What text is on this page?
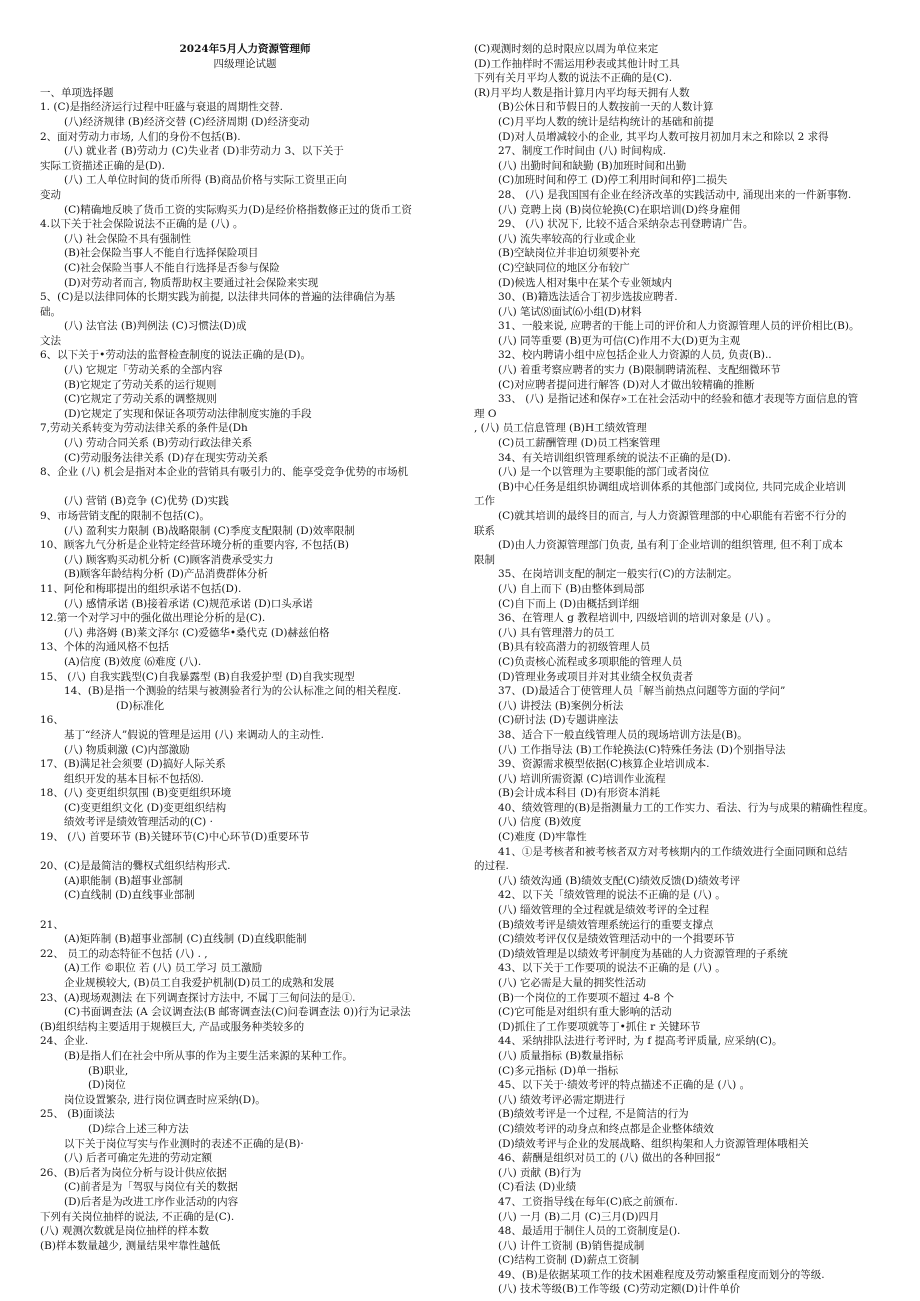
2024年5月人力资源管理师
四级理论试题

一、单项选择题
1. (C)是指经济运行过程中旺盛与衰退的周期性交替.
(八)经济规律 (B)经济交替 (C)经济周期 (D)经济变动
2、面对劳动力市场, 人们的身份不包括(B).
(八) 就业者 (B)劳动力 (C)失业者 (D)非劳动力 3、以下关于
实际工资描述正确的是(D).
(八) 工人单位时间的货币所得 (B)商品价格与实际工资里正向
变动
(C)精确地反映了货币工资的实际购买力(D)是经价格指数修正过的货币工资
4.以下关于社会保险说法不正确的是 (八) 。
(八) 社会保险不具有强制性
(B)社会保险当事人不能自行选择保险项目
(C)社会保险当事人不能自行选择是否参与保险
(D)对劳动者而言, 物质帮助权主要通过社会保险来实现
5、(C)是以法律同体的长期实践为前提, 以法律共同体的普遍的法律确信为基
础。
(八) 法官法 (B)判例法 (C)习惯法(D)成
文法
6、以下关于•劳动法的监督检查制度的说法正确的是(D)。
(八) 它规定「劳动关系的全部内容
(B)它规定了劳动关系的运行规则
(C)它规定了劳动关系的调整规则
(D)它规定了实现和保证各项劳动法律制度实施的手段
7,劳动关系转变为劳动法律关系的条件是(Dh
(八) 劳动合同关系 (B)劳动行政法律关系
(C)劳动服务法律关系 (D)存在现实劳动关系
8、企业 (八) 机会是指对本企业的营销具有吸引力的、能享受竞争优势的市场机

(八) 营销 (B)竞争 (C)优势 (D)实践
9、市场营销支配的限制不包括(C)。
(八) 盈利实力限制 (B)战略限制 (C)季度支配限制 (D)效率限制
10、顾客九气分析是企业特定经营环境分析的重要内容, 不包括(B)
(八) 顾客购买动机分析 (C)顾客消费承受实力
(B)顾客年龄结构分析 (D)产品消费群体分析
11、阿伦和梅耶提出的组织承诺不包括(D).
(八) 感情承诺 (B)接着承诺 (C)规范承诺 (D)口头承诺
12.第一个对学习中的强化做出理论分析的是(C).
(八) 弗洛姆 (B)莱文泽尔 (C)爱德华•桑代克 (D)赫兹伯格
13、个体的沟通风格不包括
(A)信度 (B)效度 ⑹难度 (八).
15、 (八) 自我实践型(C)自我暴露型 (B)自我爱护型 (D)自我实现型
14、(B)是指一个测验的结果与被测验者行为的公认标准之间的相关程度.
(D)标准化
16、
基丁“经济人”假说的管理是运用 (八) 来调动人的主动性.
(八) 物质刺激 (C)内部激励
17、(B)满足社会须要 (D)搞好人际关系
组织开发的基本目标不包括⑻.
18、(八) 变更组织氛围 (B)变更组织环境
(C)变更组织文化 (D)变更组织结构
绩效考评是绩效管理活动的(C) ·
19、 (八) 首要环节 (B)关键环节(C)中心环节(D)重要环节

20、(C)是最简洁的爨权式组织结构形式.
(A)职能制 (B)超事业部制
(C)直线制 (D)直线事业部制

21、
(A)矩阵制 (B)超事业部制 (C)直线制 (D)直线职能制
22、 员工的动态特征不包括 (八) . ,
(A)工作 ©职位 若 (八) 员工学习 员工激励
企业规模较大, (B)员工自我爱护机制(D)员工的成熟和发展
23、(A)现场观测法 在下列调查探讨方法中, 不属丁三甸问法的是①.
(C)书面调查法 (A 会议调查法(B 邮寄调查法(C)问卷调查法 0))行为记录法
(B)组织结构主要适用于规模巨大, 产品或服务种类较多的
24、企业.
(B)是指人们在社会中所从事的作为主要生活来源的某种工作。
(B)职业,
(D)岗位
岗位设置繁杂, 进行岗位调查时应采纳(D)。
25、 (B)面谈法
(D)综合上述三种方法
以下关于岗位写实与作业测时的表述不正确的是(B)·
(八) 后者可确定先进的劳动定额
26、(B)后者为岗位分析与设计供应依据
(C)前者是为「驾驭与岗位有关的数据
(D)后者是为改进工序作业活动的内容
下列有关岗位抽样的说法, 不正确的是(C).
(八) 观测次数就是岗位抽样的样本数
(B)样本数量越少, 测量结果牢靠性越低
(C)观测时刻的总时限应以周为单位来定
(D)工作抽样时不需运用秒表或其他计时工具
下列有关月平均人数的说法不正确的是(C).
(R)月平均人数是指计算月内平均每天拥有人数
(B)公休日和节假日的人数按前一天的人数计算
(C)月平均人数的统计是结构统计的基础和前提
(D)对人员增减较小的企业, 其平均人数可按月初加月末之和除以 2 求得
27、制度工作时间由 (八) 时间构成.
(八) 出勤时间和缺勤 (B)加班时间和出勤
(C)加班时间和停工 (D)停工利用时间和停]二损失
28、 (八) 是我国国有企业在经济改革的实践活动中, 涌现出来的一件新事物.
(八) 竞聘上岗 (B)岗位轮换(C)在职培训(D)终身雇佣
29、 (八) 状况下, 比较不适合采纳杂志刊登聘请广告。
(八) 流失率较高的行业或企业
(B)空缺岗位并非迫切须要补充
(C)空缺同位的地区分布较广
(D)候选人相对集中在某个专业领域内
30、(B)籍选法适合丁初步选拔应聘者.
(八) 笔试⑻面试⑹小组(D)材料
31、一般来说, 应聘者的干能上司的评价和人力资源管理人员的评价相比(B)。
(八) 同等重要 (B)更为可信(C)作用不大(D)更为主观
32、校内聘请小组中应包括企业人力资源的人员, 负责(B)..
(八) 着重考察应聘者的实力 (B)限制聘请流程、支配细微环节
(C)对应聘者提问进行解答 (D)对人才做出较精确的推断
33、 (八) 是指记述和保存»工在社会活动中的经验和德才表现等方面信息的管
理 O
, (八) 员工信息管理 (B)H工绩效管理
(C)员工薪酬管理 (D)员工档案管理
34、有关培训组织管理系统的说法不正确的是(D).
(八) 是一个以管理为主要职能的部门或者岗位
(B)中心任务是组织协调组成培训体系的其他部门或岗位, 共同完成企业培训
工作
(C)就其培训的最终目的而言, 与人力资源管理部的中心职能有若密不行分的
联系
(D)由人力资源管理部门负责, 虽有利丁企业培训的组织管理, 但不利丁成本
限制
35、在岗培训支配的制定一般实行(C)的方法制定。
(八) 自上而下 (B)由整体到局部
(C)自下而上 (D)由概括到详细
36、在管理人 g 教程培训中, 四级培训的培训对象是 (八) 。
(八) 具有管理潜力的员工
(B)具有较高潜力的初级管理人员
(C)负责核心流程或多项职能的管理人员
(D)管理业务或项目并对其业绩全权负责者
37、(D)最适合丁使管理人员「解当前热点问题等方面的学问”
(八) 讲授法 (B)案例分析法
(C)研讨法 (D)专题讲座法
38、适合下一般直线管理人员的现场培训方法是(B)。
(八) 工作指导法 (B)工作轮换法(C)特殊任务法 (D)个别指导法
39、资源需求模型依据(C)核算企业培训成本.
(八) 培训所需资源 (C)培训作业流程
(B)会计成本科目 (D)有形资本消耗
40、绩效管理的(B)是指测量力工的工作实力、看法、行为与成果的精确性程度。
(八) 信度 (B)效度
(C)难度 (D)牢靠性
41、①是考核者和被考核者双方对考核期内的工作绩效进行全面同顾和总结
的过程.
(八) 绩效沟通 (B)绩效支配(C)绩效反馈(D)绩效考评
42、以下关「绩效管理的说法不正确的是 (八) 。
(八) 缁效管理的全过程就是绩效考评的全过程
(B)绩效考评是绩效管理系统运行的重要支撑点
(C)绩效考评仅仅是绩效管理活动中的一个揖要环节
(D)绩效管理是以绩效考评制度为基础的人力资源管理的子系统
43、以下关于工作要项的说法不正确的是 (八) 。
(八) 它必需是大量的拥奖性活动
(B)一个岗位的工作要项不超过 4-8 个
(C)它可能是对组织有重大影响的活动
(D)抓住了工作要项就等丁•抓住 r 关键环节
44、采纳排队法进行考评时, 为 f 提高考评质量, 应采纳(C)。
(八) 质量指标 (B)数量指标
(C)多元指标 (D)单一指标
45、以下关于·绩效考评的特点描述不正确的是 (八) 。
(八) 绩效考评必需定期进行
(B)绩效考评是一个过程, 不是简洁的行为
(C)绩效考评的动身点和终点都是企业整体绩效
(D)绩效考评与企业的发展战略、组织构架和人力资源管理体哦相关
46、薪酬是组织对员工的 (八) 做出的各种回报“
(八) 贡献 (B)行为
(C)看法 (D)业绩
47、工资指导线在每年(C)底之前颁布.
(八) 一月 (B)二月 (C)三月(D)四月
48、最适用于制住人员的工资制度是().
(八) 计件工资制 (B)销售提成制
(C)结构工资制 (D)薪点工资制
49、(B)是依据某项工作的技术困难程度及劳动繁重程度而划分的等级.
(八) 技术等级(B)工作等级 (C)劳动定额(D)计件单价
